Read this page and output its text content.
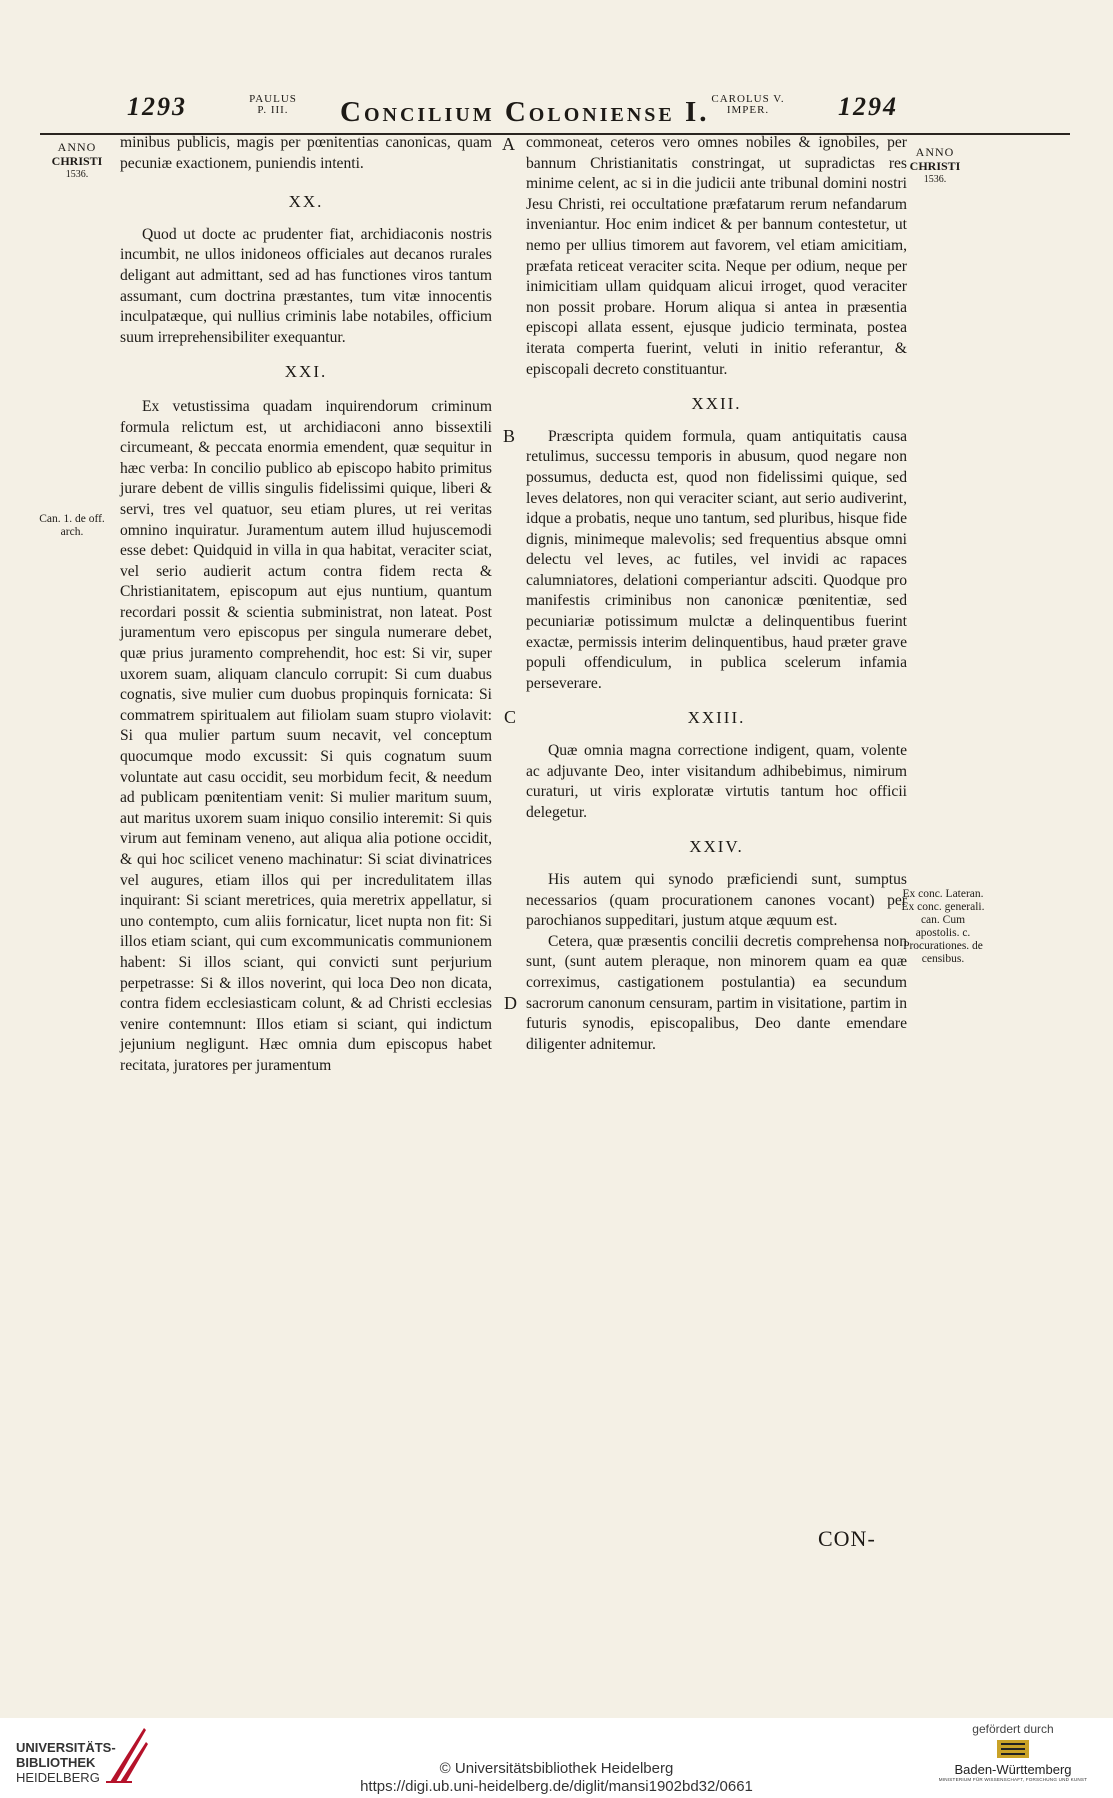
1293	PAULUS
P. III.	Concilium Coloniense I. CAROLUS V.
IMPER.	1294
ANNO
CHRISTI
1536.
ANNO
CHRISTI
1536.
A
B
C
D
Can. 1. de off. arch.
Ex conc. Lateran. Ex conc. generali. can. Cum apostolis. c. Procurationes. de censibus.

minibus publicis, magis per pœnitentias canonicas, quam pecuniæ exactionem, puniendis intenti.

XX.

Quod ut docte ac prudenter fiat, archidiaconis nostris incumbit, ne ullos inidoneos officiales aut decanos rurales deligant aut admittant, sed ad has functiones viros tantum assumant, cum doctrina præstantes, tum vitæ innocentis inculpatæque, qui nullius criminis labe notabiles, officium suum irreprehensibiliter exequantur.

XXI.

Ex vetustissima quadam inquirendorum criminum formula relictum est, ut archidiaconi anno bissextili circumeant, & peccata enormia emendent, quæ sequitur in hæc verba: In concilio publico ab episcopo habito primitus jurare debent de villis singulis fidelissimi quique, liberi & servi, tres vel quatuor, seu etiam plures, ut rei veritas omnino inquiratur. Juramentum autem illud hujuscemodi esse debet: Quidquid in villa in qua habitat, veraciter sciat, vel serio audierit actum contra fidem recta & Christianitatem, episcopum aut ejus nuntium, quantum recordari possit & scientia subministrat, non lateat. Post juramentum vero episcopus per singula numerare debet, quæ prius juramento comprehendit, hoc est: Si vir, super uxorem suam, aliquam clanculo corrupit: Si cum duabus cognatis, sive mulier cum duobus propinquis fornicata: Si commatrem spiritualem aut filiolam suam stupro violavit: Si qua mulier partum suum necavit, vel conceptum quocumque modo excussit: Si quis cognatum suum voluntate aut casu occidit, seu morbidum fecit, & needum ad publicam pœnitentiam venit: Si mulier maritum suum, aut maritus uxorem suam iniquo consilio interemit: Si quis virum aut feminam veneno, aut aliqua alia potione occidit, & qui hoc scilicet veneno machinatur: Si sciat divinatrices vel augures, etiam illos qui per incredulitatem illas inquirant: Si sciant meretrices, quia meretrix appellatur, si uno contempto, cum aliis fornicatur, licet nupta non fit: Si illos etiam sciant, qui cum excommunicatis communionem habent: Si illos sciant, qui convicti sunt perjurium perpetrasse: Si & illos noverint, qui loca Deo non dicata, contra fidem ecclesiasticam colunt, & ad Christi ecclesias venire contemnunt: Illos etiam si sciant, qui indictum jejunium negligunt. Hæc omnia dum episcopus habet recitata, juratores per juramentum

commoneat, ceteros vero omnes nobiles & ignobiles, per bannum Christianitatis constringat, ut supradictas res minime celent, ac si in die judicii ante tribunal domini nostri Jesu Christi, rei occultatione præfatarum rerum nefandarum inveniantur. Hoc enim indicet & per bannum contestetur, ut nemo per ullius timorem aut favorem, vel etiam amicitiam, præfata reticeat veraciter scita. Neque per odium, neque per inimicitiam ullam quidquam alicui irroget, quod veraciter non possit probare. Horum aliqua si antea in præsentia episcopi allata essent, ejusque judicio terminata, postea iterata comperta fuerint, veluti in initio referantur, & episcopali decreto constituantur.

XXII.

Præscripta quidem formula, quam antiquitatis causa retulimus, successu temporis in abusum, quod negare non possumus, deducta est, quod non fidelissimi quique, sed leves delatores, non qui veraciter sciant, aut serio audiverint, idque a probatis, neque uno tantum, sed pluribus, hisque fide dignis, minimeque malevolis; sed frequentius absque omni delectu vel leves, ac futiles, vel invidi ac rapaces calumniatores, delationi comperiantur adsciti. Quodque pro manifestis criminibus non canonicæ pœnitentiæ, sed pecuniariæ potissimum mulctæ a delinquentibus fuerint exactæ, permissis interim delinquentibus, haud præter grave populi offendiculum, in publica scelerum infamia perseverare.

XXIII.

Quæ omnia magna correctione indigent, quam, volente ac adjuvante Deo, inter visitandum adhibebimus, nimirum curaturi, ut viris exploratæ virtutis tantum hoc officii delegetur.

XXIV.

His autem qui synodo præficiendi sunt, sumptus necessarios (quam procurationem canones vocant) per parochianos suppeditari, justum atque æquum est.

Cetera, quæ præsentis concilii decretis comprehensa non sunt, (sunt autem pleraque, non minorem quam ea quæ correximus, castigationem postulantia) ea secundum sacrorum canonum censuram, partim in visitatione, partim in futuris synodis, episcopalibus, Deo dante emendare diligenter adnitemur.

CON-
UNIVERSITÄTS-
BIBLIOTHEK
HEIDELBERG
© Universitätsbibliothek Heidelberg
https://digi.ub.uni-heidelberg.de/diglit/mansi1902bd32/0661
gefördert durch
Baden-Württemberg
MINISTERIUM FÜR WISSENSCHAFT, FORSCHUNG UND KUNST
